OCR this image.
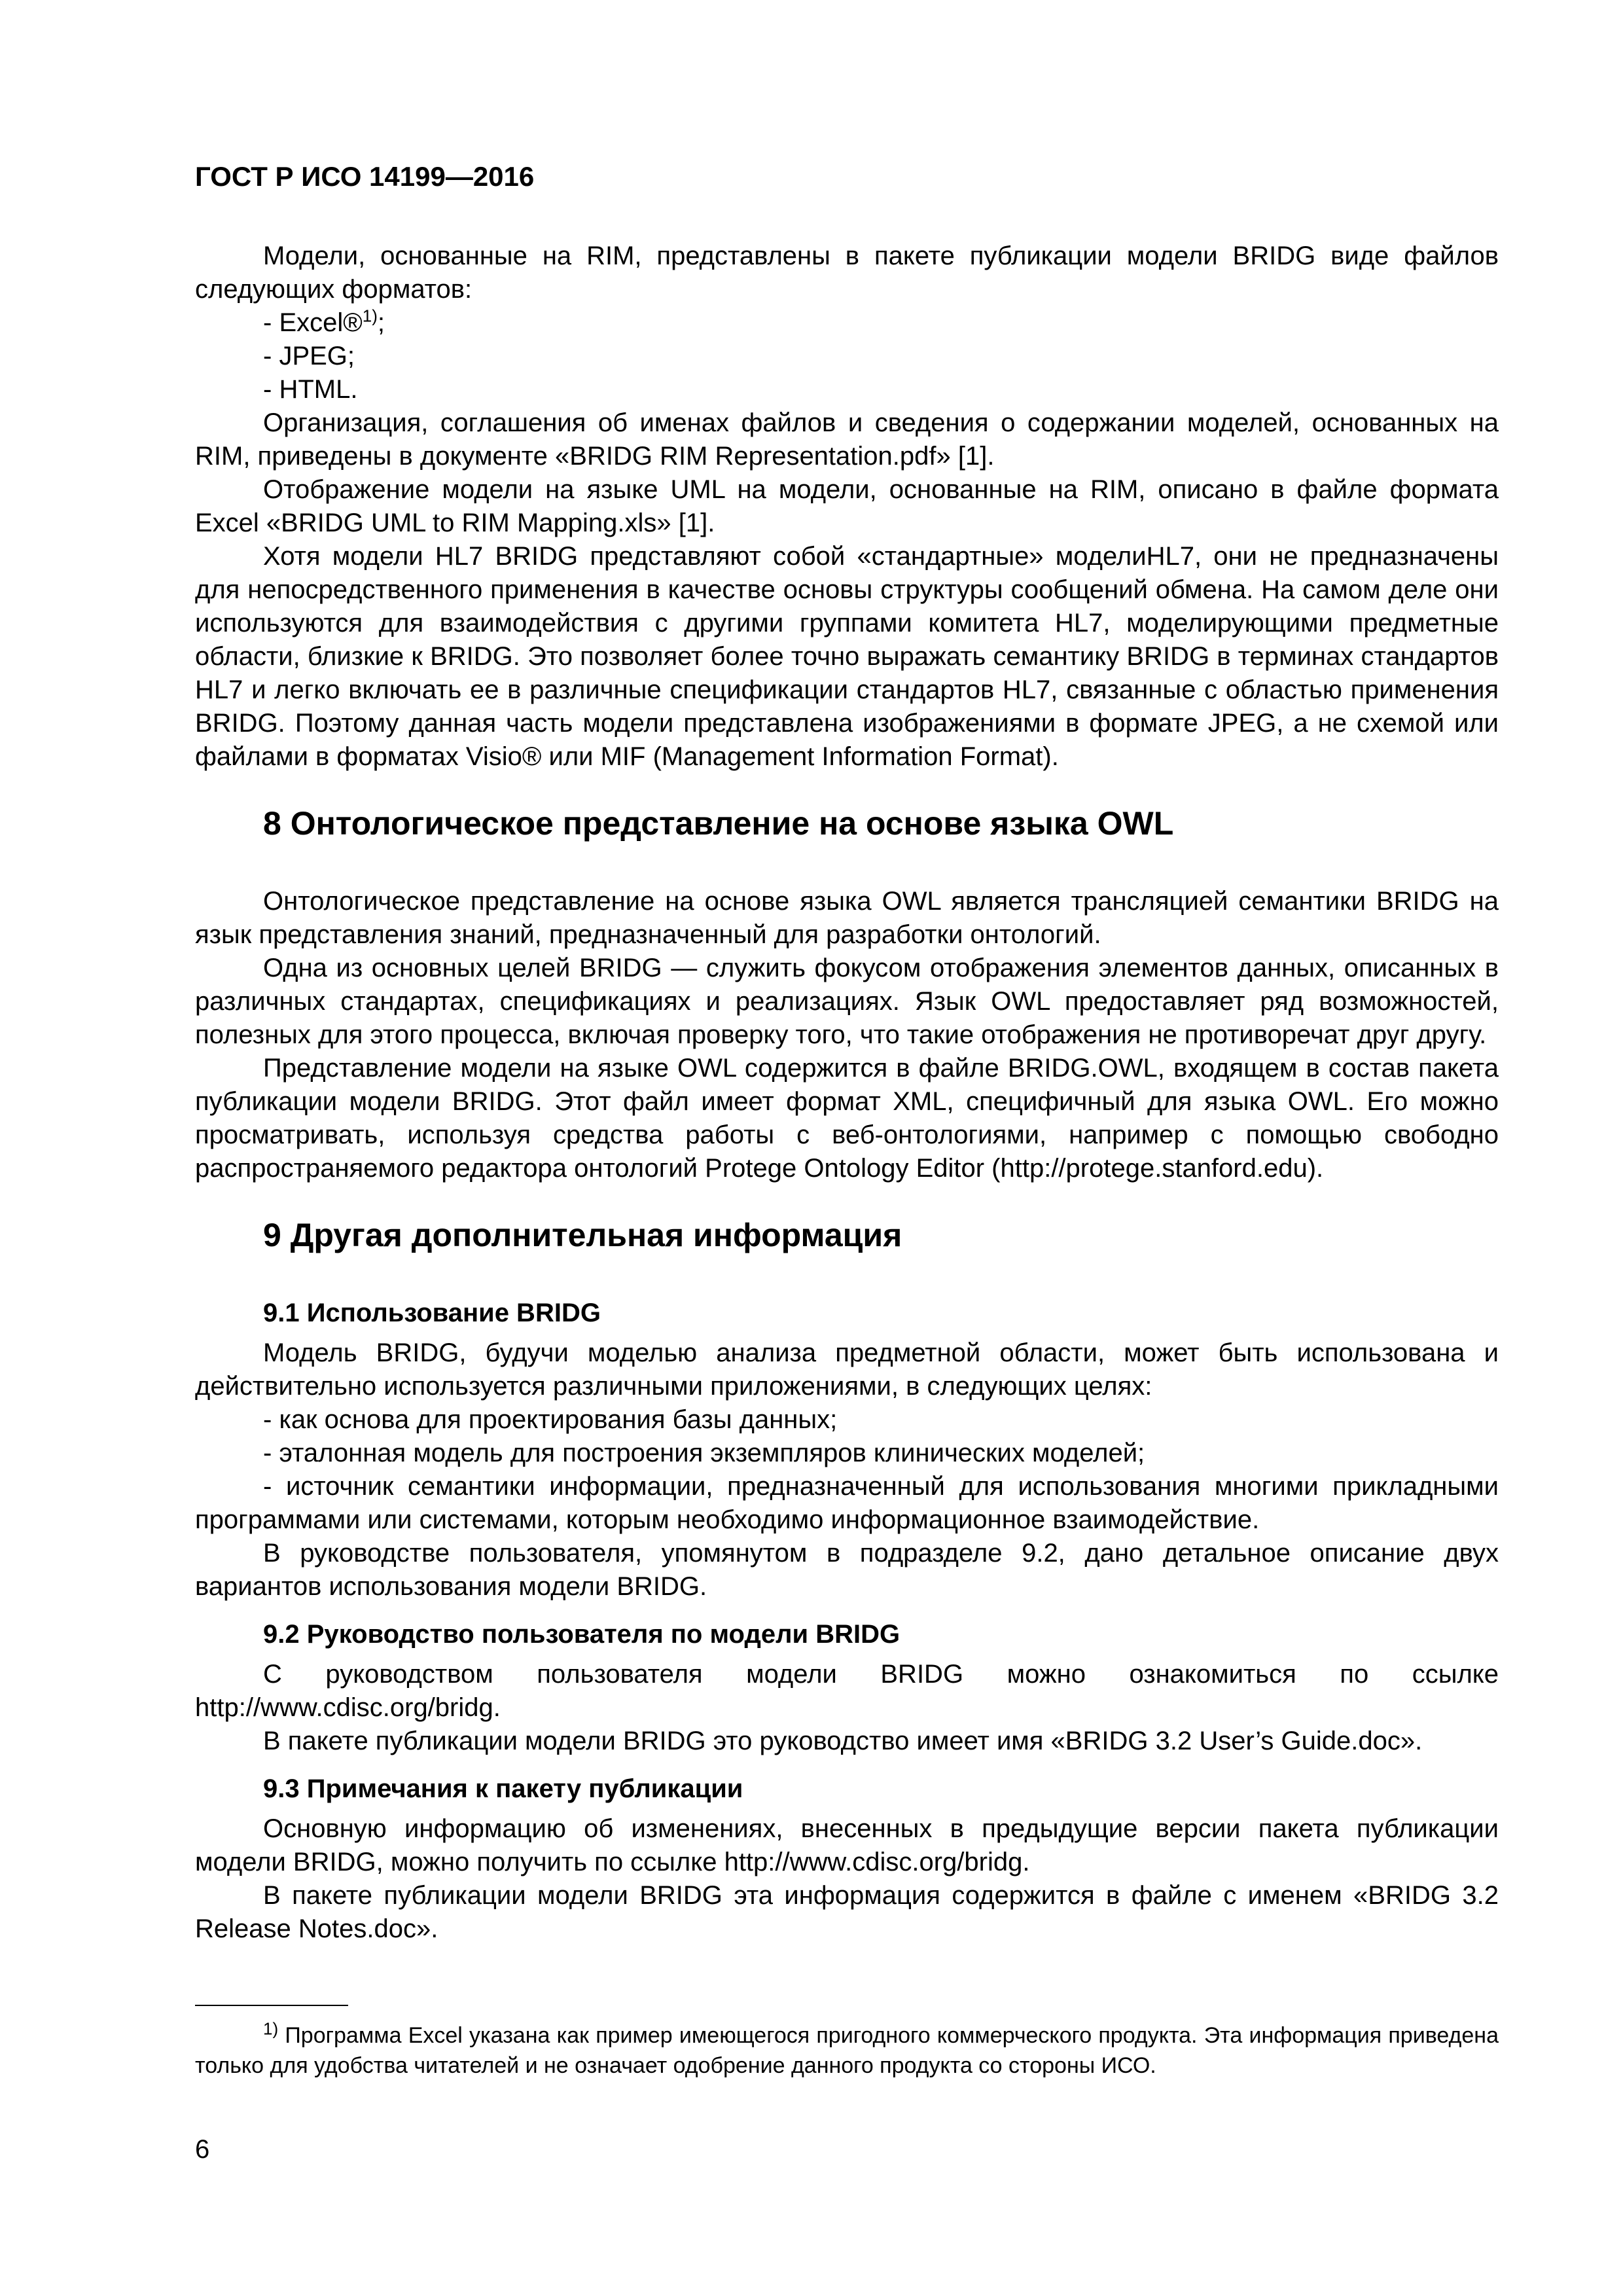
ГОСТ Р ИСО 14199—2016

Модели, основанные на RIM, представлены в пакете публикации модели BRIDG виде файлов следующих форматов:

- Excel®$^{1)}$;

- JPEG;

- HTML.

Организация, соглашения об именах файлов и сведения о содержании моделей, основанных на RIM, приведены в документе «BRIDG RIM Representation.pdf» [1].

Отображение модели на языке UML на модели, основанные на RIM, описано в файле формата Excel «BRIDG UML to RIM Mapping.xls» [1].

Хотя модели HL7 BRIDG представляют собой «стандартные» моделиHL7, они не предназначены для непосредственного применения в качестве основы структуры сообщений обмена. На самом деле они используются для взаимодействия с другими группами комитета HL7, моделирующими предметные области, близкие к BRIDG. Это позволяет более точно выражать семантику BRIDG в терминах стандартов HL7 и легко включать ее в различные спецификации стандартов HL7, связанные с областью применения BRIDG. Поэтому данная часть модели представлена изображениями в формате JPEG, а не схемой или файлами в форматах Visio® или MIF (Management Information Format).

8 Онтологическое представление на основе языка OWL

Онтологическое представление на основе языка OWL является трансляцией семантики BRIDG на язык представления знаний, предназначенный для разработки онтологий.

Одна из основных целей BRIDG — служить фокусом отображения элементов данных, описанных в различных стандартах, спецификациях и реализациях. Язык OWL предоставляет ряд возможностей, полезных для этого процесса, включая проверку того, что такие отображения не противоречат друг другу.

Представление модели на языке OWL содержится в файле BRIDG.OWL, входящем в состав пакета публикации модели BRIDG. Этот файл имеет формат XML, специфичный для языка OWL. Его можно просматривать, используя средства работы с веб-онтологиями, например с помощью свободно распространяемого редактора онтологий Protege Ontology Editor (http://protege.stanford.edu).

9 Другая дополнительная информация
9.1 Использование BRIDG

Модель BRIDG, будучи моделью анализа предметной области, может быть использована и действительно используется различными приложениями, в следующих целях:

- как основа для проектирования базы данных;

- эталонная модель для построения экземпляров клинических моделей;

- источник семантики информации, предназначенный для использования многими прикладными программами или системами, которым необходимо информационное взаимодействие.

В руководстве пользователя, упомянутом в подразделе 9.2, дано детальное описание двух вариантов использования модели BRIDG.

9.2 Руководство пользователя по модели BRIDG

С руководством пользователя модели BRIDG можно ознакомиться по ссылке http://www.cdisc.org/bridg.

В пакете публикации модели BRIDG это руководство имеет имя «BRIDG 3.2 User’s Guide.doc».

9.3 Примечания к пакету публикации

Основную информацию об изменениях, внесенных в предыдущие версии пакета публикации модели BRIDG, можно получить по ссылке http://www.cdisc.org/bridg.

В пакете публикации модели BRIDG эта информация содержится в файле с именем «BRIDG 3.2 Release Notes.doc».

$^{1)}$ Программа Excel указана как пример имеющегося пригодного коммерческого продукта. Эта информация приведена только для удобства читателей и не означает одобрение данного продукта со стороны ИСО.

6
